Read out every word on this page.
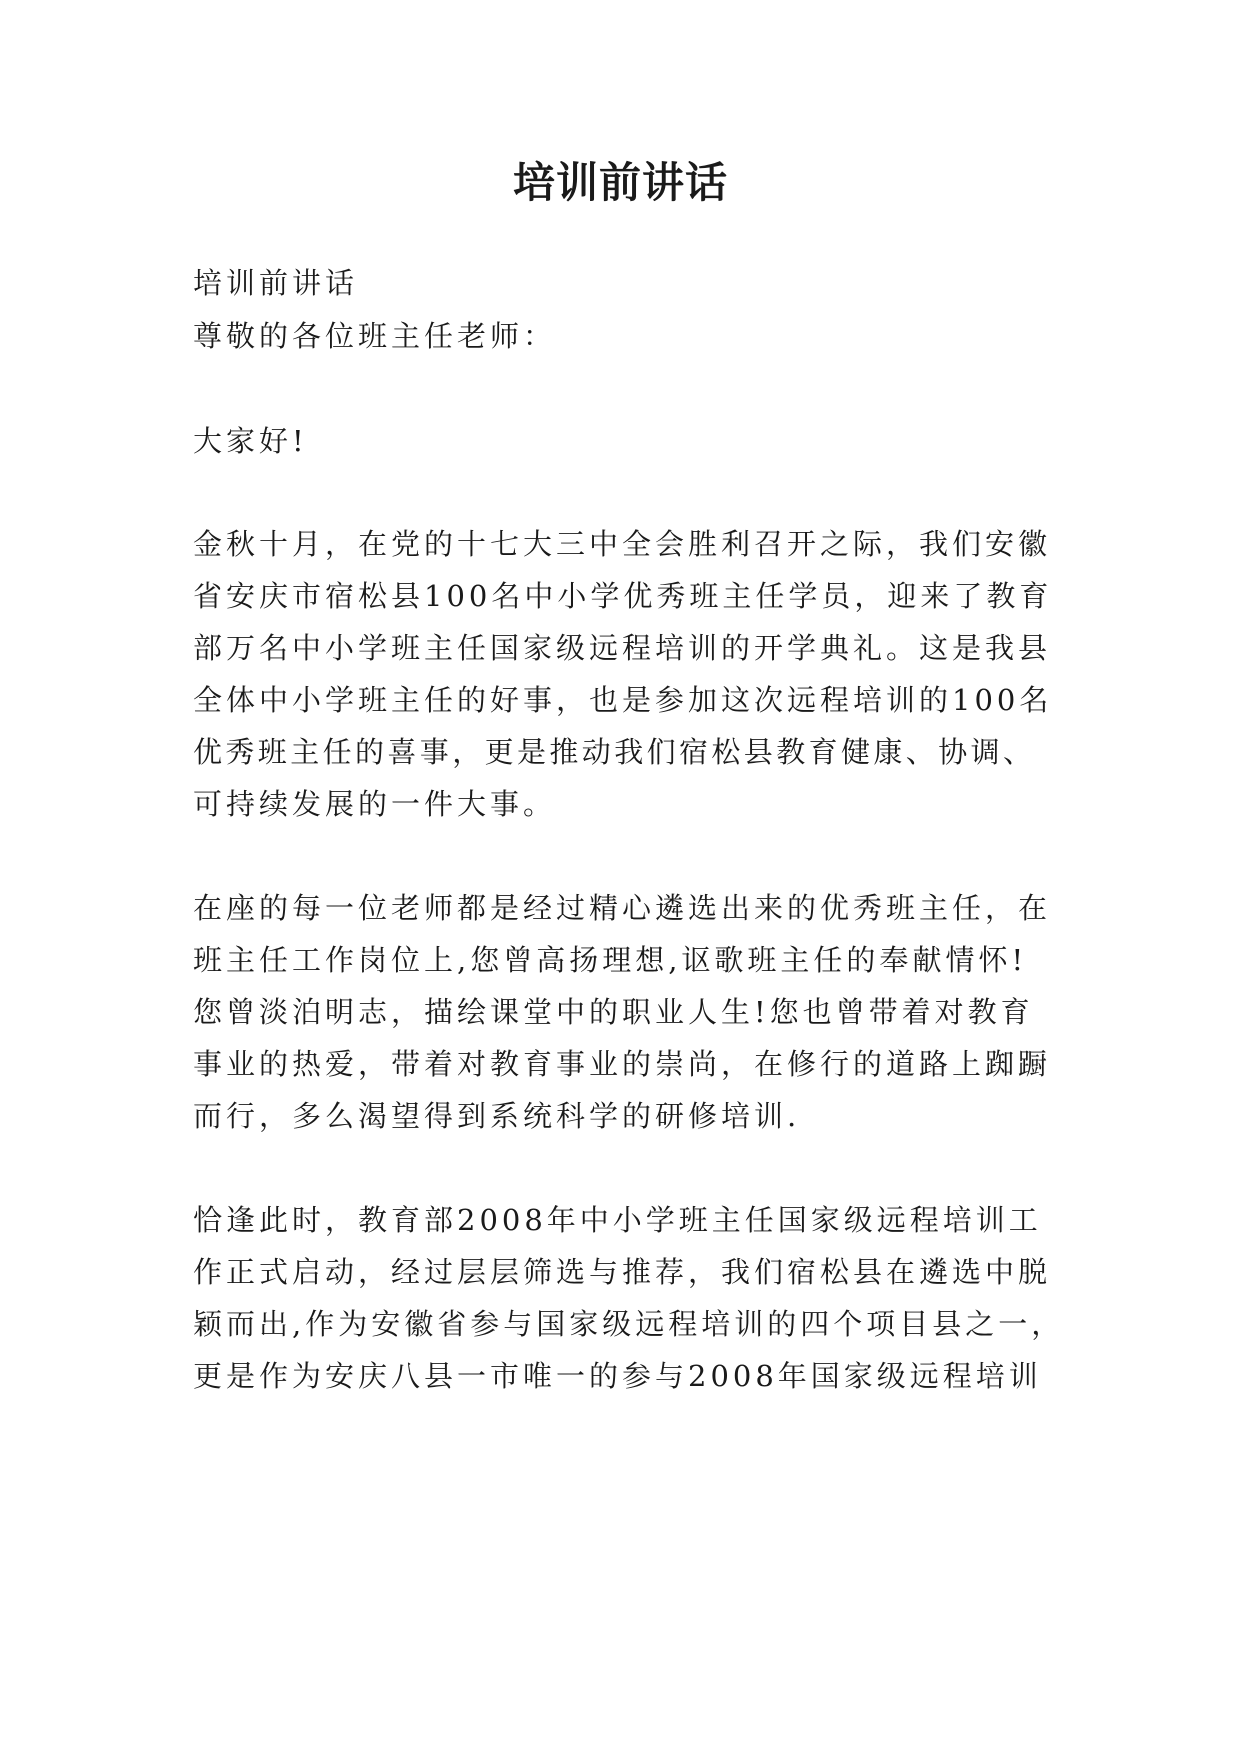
培训前讲话
培训前讲话
尊敬的各位班主任老师：
大家好!
金秋十月，在党的十七大三中全会胜利召开之际，我们安徽
省安庆市宿松县100名中小学优秀班主任学员，迎来了教育
部万名中小学班主任国家级远程培训的开学典礼。这是我县
全体中小学班主任的好事，也是参加这次远程培训的100名
优秀班主任的喜事，更是推动我们宿松县教育健康、协调、
可持续发展的一件大事。
在座的每一位老师都是经过精心遴选出来的优秀班主任，在
班主任工作岗位上,您曾高扬理想,讴歌班主任的奉献情怀!
您曾淡泊明志，描绘课堂中的职业人生!您也曾带着对教育
事业的热爱，带着对教育事业的崇尚，在修行的道路上踟蹰
而行，多么渴望得到系统科学的研修培训.
恰逢此时，教育部2008年中小学班主任国家级远程培训工
作正式启动，经过层层筛选与推荐，我们宿松县在遴选中脱
颖而出,作为安徽省参与国家级远程培训的四个项目县之一，
更是作为安庆八县一市唯一的参与2008年国家级远程培训
